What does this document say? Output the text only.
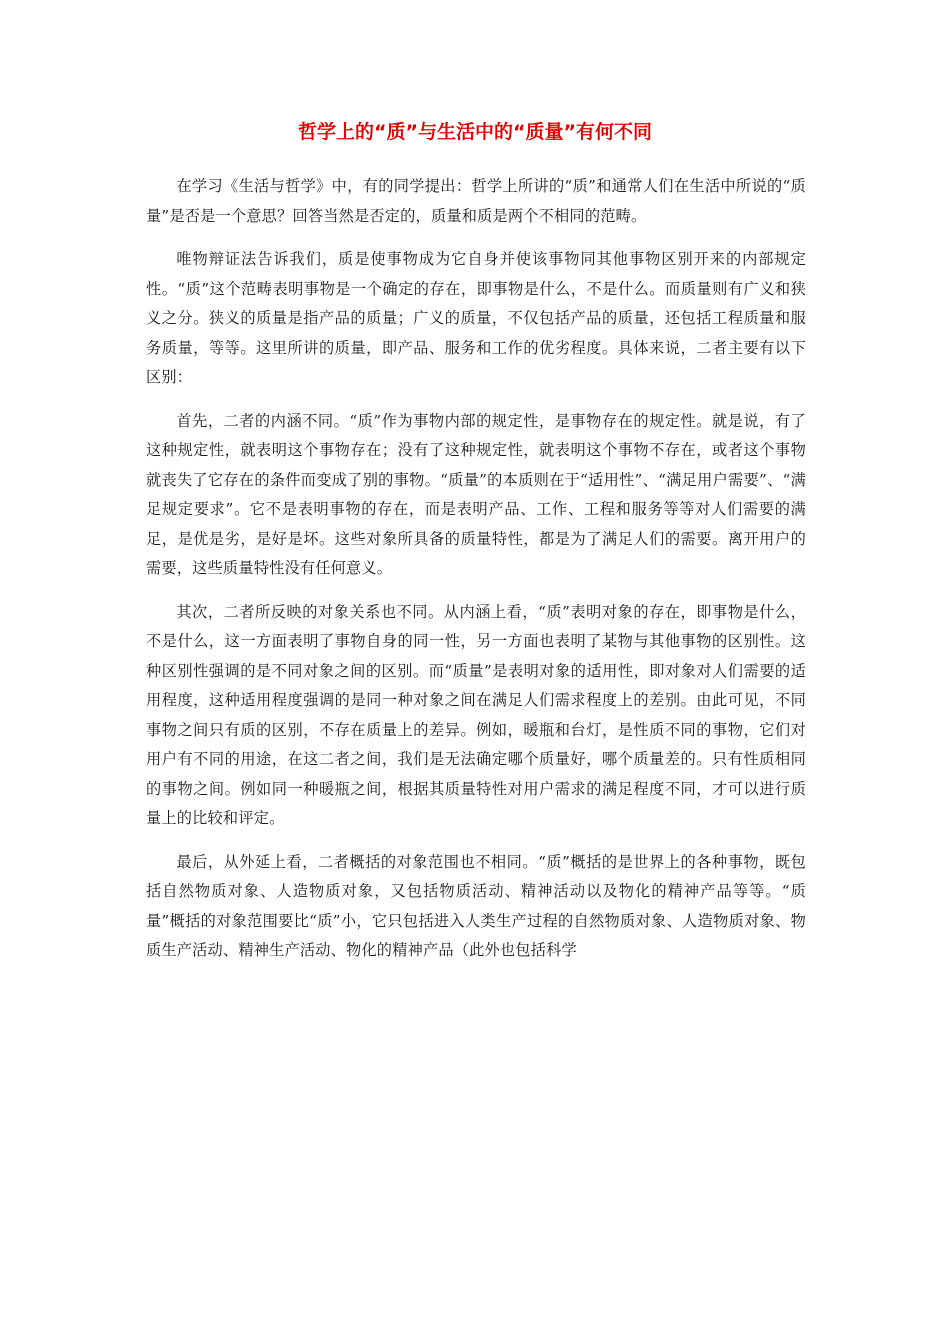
哲学上的“质”与生活中的“质量”有何不同

在学习《生活与哲学》中，有的同学提出：哲学上所讲的“质”和通常人们在生活中所说的“质量”是否是一个意思？回答当然是否定的，质量和质是两个不相同的范畴。

唯物辩证法告诉我们，质是使事物成为它自身并使该事物同其他事物区别开来的内部规定性。“质”这个范畴表明事物是一个确定的存在，即事物是什么，不是什么。而质量则有广义和狭义之分。狭义的质量是指产品的质量；广义的质量，不仅包括产品的质量，还包括工程质量和服务质量，等等。这里所讲的质量，即产品、服务和工作的优劣程度。具体来说，二者主要有以下区别：

首先，二者的内涵不同。“质”作为事物内部的规定性，是事物存在的规定性。就是说，有了这种规定性，就表明这个事物存在；没有了这种规定性，就表明这个事物不存在，或者这个事物就丧失了它存在的条件而变成了别的事物。“质量”的本质则在于“适用性”、“满足用户需要”、“满足规定要求”。它不是表明事物的存在，而是表明产品、工作、工程和服务等等对人们需要的满足，是优是劣，是好是坏。这些对象所具备的质量特性，都是为了满足人们的需要。离开用户的需要，这些质量特性没有任何意义。

其次，二者所反映的对象关系也不同。从内涵上看，“质”表明对象的存在，即事物是什么，不是什么，这一方面表明了事物自身的同一性，另一方面也表明了某物与其他事物的区别性。这种区别性强调的是不同对象之间的区别。而“质量”是表明对象的适用性，即对象对人们需要的适用程度，这种适用程度强调的是同一种对象之间在满足人们需求程度上的差别。由此可见，不同事物之间只有质的区别，不存在质量上的差异。例如，暖瓶和台灯，是性质不同的事物，它们对用户有不同的用途，在这二者之间，我们是无法确定哪个质量好，哪个质量差的。只有性质相同的事物之间。例如同一种暖瓶之间，根据其质量特性对用户需求的满足程度不同，才可以进行质量上的比较和评定。

最后，从外延上看，二者概括的对象范围也不相同。“质”概括的是世界上的各种事物，既包括自然物质对象、人造物质对象，又包括物质活动、精神活动以及物化的精神产品等等。“质量”概括的对象范围要比“质”小，它只包括进入人类生产过程的自然物质对象、人造物质对象、物质生产活动、精神生产活动、物化的精神产品（此外也包括科学
